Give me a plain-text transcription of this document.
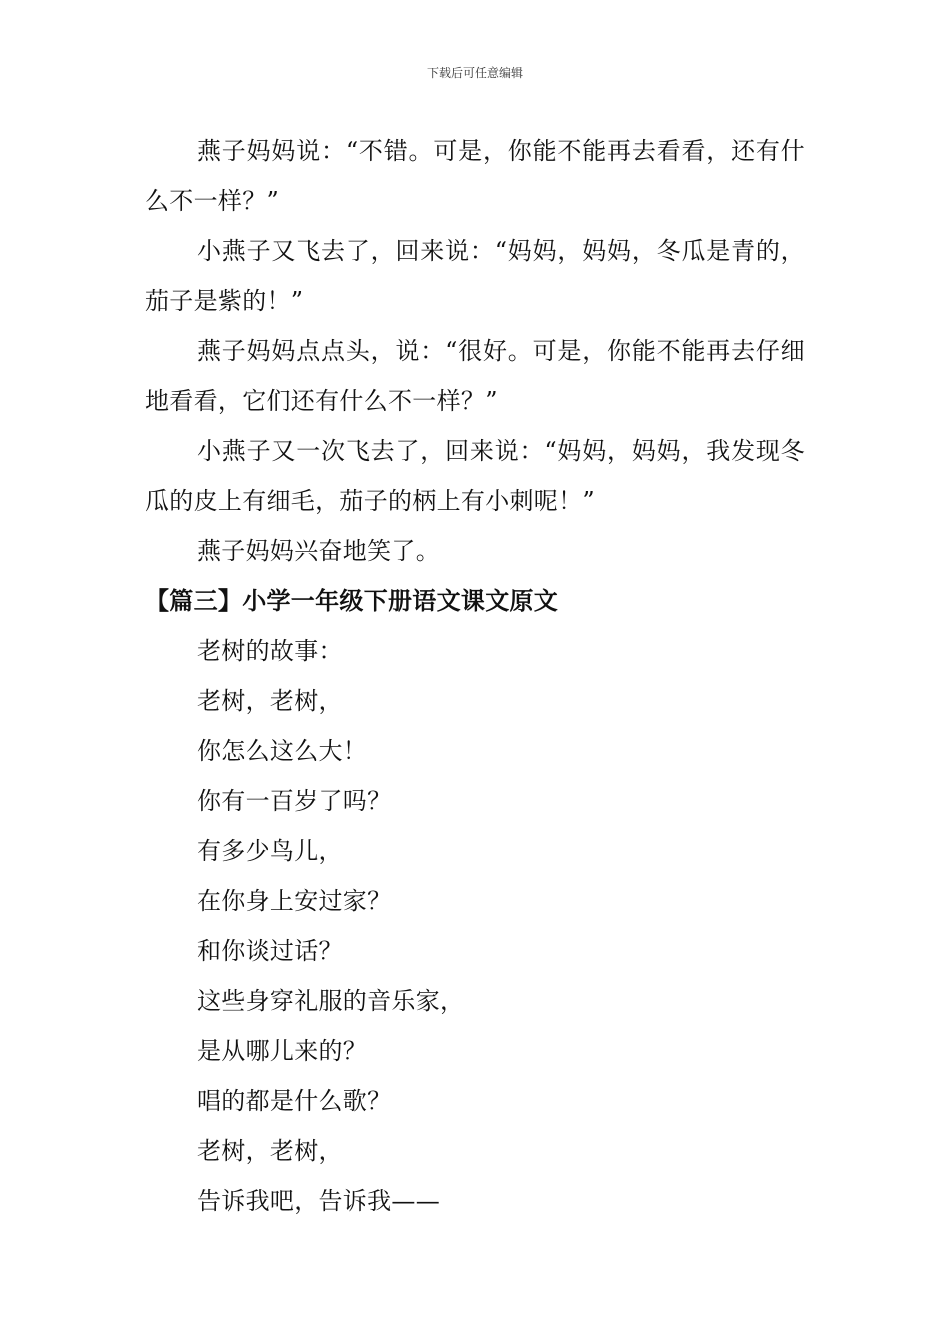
下载后可任意编辑

燕子妈妈说：“不错。可是，你能不能再去看看，还有什么不一样？”

小燕子又飞去了，回来说：“妈妈，妈妈，冬瓜是青的，茄子是紫的！”

燕子妈妈点点头，说：“很好。可是，你能不能再去仔细地看看，它们还有什么不一样？”

小燕子又一次飞去了，回来说：“妈妈，妈妈，我发现冬瓜的皮上有细毛，茄子的柄上有小刺呢！”

燕子妈妈兴奋地笑了。

【篇三】小学一年级下册语文课文原文

老树的故事：

老树，老树，

你怎么这么大！

你有一百岁了吗？

有多少鸟儿，

在你身上安过家？

和你谈过话？

这些身穿礼服的音乐家，

是从哪儿来的？

唱的都是什么歌？

老树，老树，

告诉我吧，告诉我——
